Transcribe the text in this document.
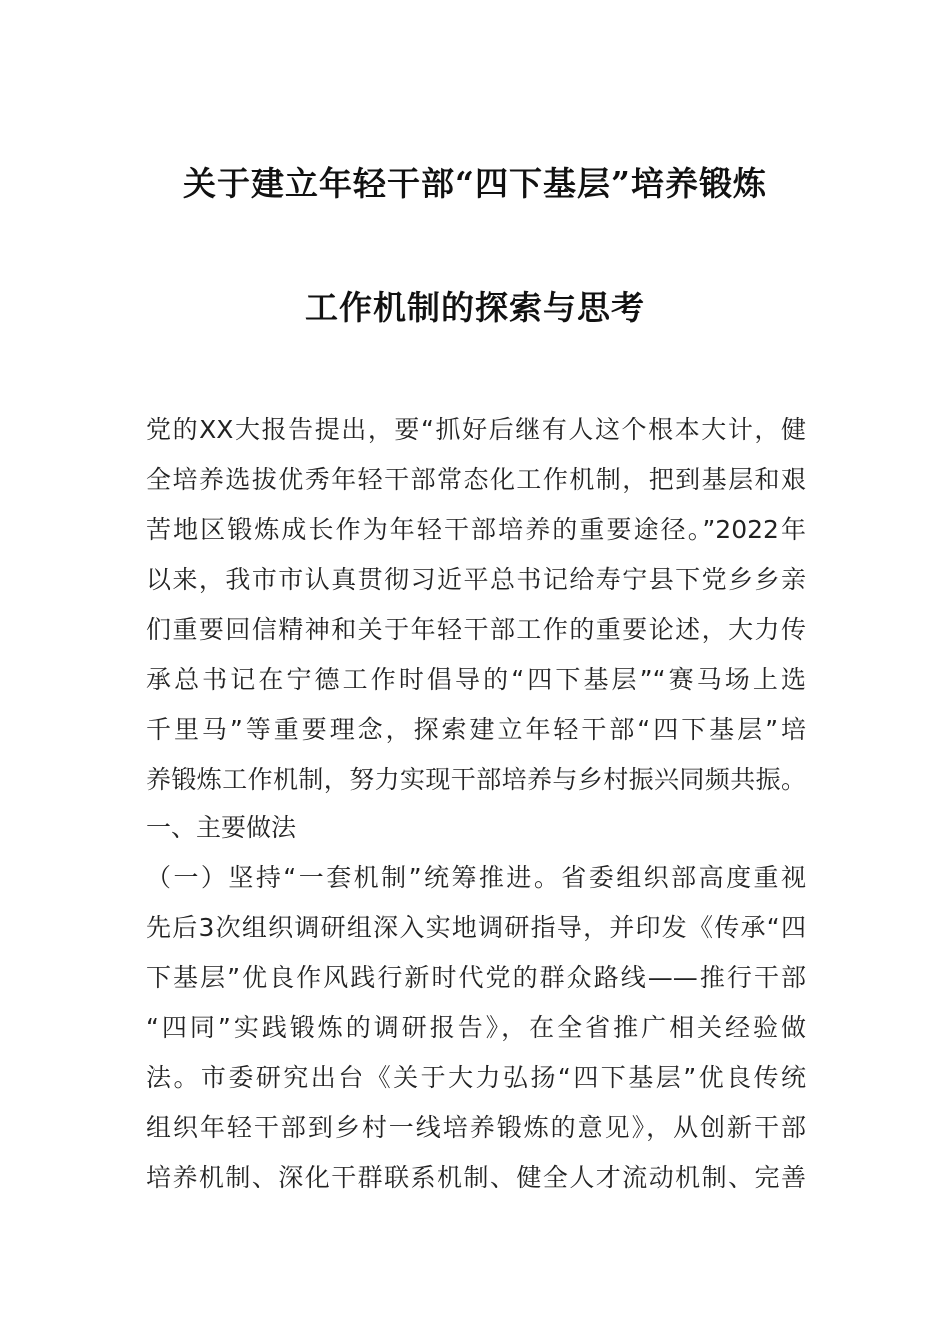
关于建立年轻干部“四下基层”培养锻炼
工作机制的探索与思考
党的XX大报告提出，要“抓好后继有人这个根本大计，健
全培养选拔优秀年轻干部常态化工作机制，把到基层和艰
苦地区锻炼成长作为年轻干部培养的重要途径。”2022年
以来，我市市认真贯彻习近平总书记给寿宁县下党乡乡亲
们重要回信精神和关于年轻干部工作的重要论述，大力传
承总书记在宁德工作时倡导的“四下基层”“赛马场上选
千里马”等重要理念，探索建立年轻干部“四下基层”培
养锻炼工作机制，努力实现干部培养与乡村振兴同频共振。
一、主要做法
（一）坚持“一套机制”统筹推进。省委组织部高度重视
先后3次组织调研组深入实地调研指导，并印发《传承“四
下基层”优良作风践行新时代党的群众路线——推行干部
“四同”实践锻炼的调研报告》，在全省推广相关经验做
法。市委研究出台《关于大力弘扬“四下基层”优良传统
组织年轻干部到乡村一线培养锻炼的意见》，从创新干部
培养机制、深化干群联系机制、健全人才流动机制、完善
